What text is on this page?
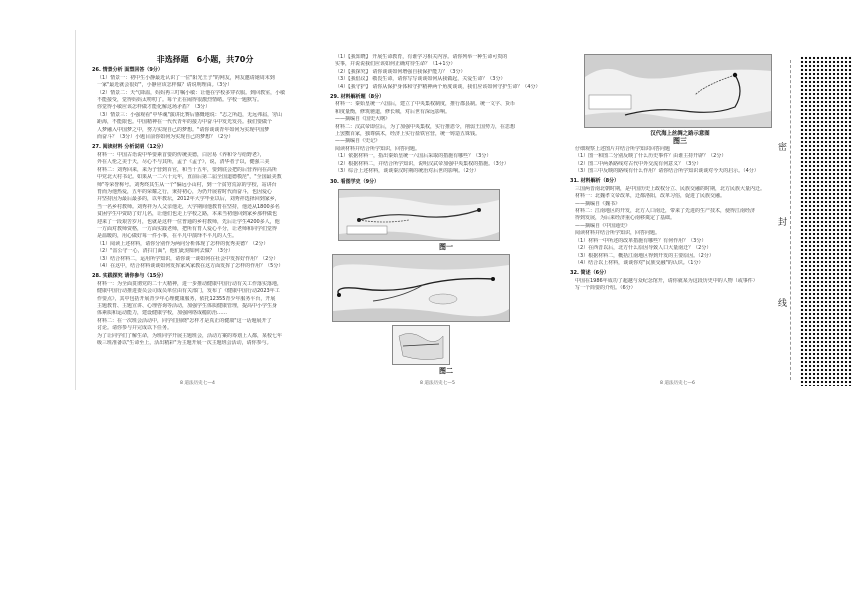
非选择题　6小题，共70分
26. 情景分析 面塑回答（9分）
（1）情景一：初中生小静最近认识了一位"阳光王子"的网友，网友邀请她周末到
一家"最近就会很好"，小静应该怎样做？请说明理由。（3分）
（2）情景二：天气降温，妈妈再三叮嘱小敏：让他在学校多穿衣服。到回教室，小敏
不能接受，觉得妈妈太唠叨了。每个正在闹得很激烈情绪。学校一题默写。
你觉得小敏应该怎样做才能化解这场矛盾？（3分）
（3）情景三：小强观看"中华魂"演讲比赛后感慨地说："志之所趋，无远弗届，穷山
距海，不能限也。中国精神在一代代青年的接力中奋斗中发光发亮。我们要做个
人梦融入中国梦之中，努力实现自己的梦想。"请你谈谈青年如何为实现中国梦
而奋斗？（3分）小题目前你如何为实现自己的梦想？（2分）
27. 阅读材料 分析说明（12分）
材料一：中国古语说中华要素首要的传统美德，白居易《养和令与给野老》，
外在人伦之美于天，尽心不与其所，孟子《孟子》，说，清华者子以，健强三美
材料二：刘秀回来，来为子营到百官，和当十五年，要到底会把的后营养向在高所
中党北大村书记。如果从一二六十元年，直前后第二届全国道德模范"，"全国最美教
师"等荣誉称号。刘秀终其生从一个"偏远小山村，到一个贫穷荒凉的学校，站讲台
育而为他热爱，五年的荣耀之行，秉持初心，为仍开展着时代而奋斗，也因爱心
并坚持因为最后最多的，以年教坛，2012年大学毕业以后，刘秀祥选择回到家乡，
当一名乡村教师。刘秀祥为人父亲他走，大学期间他教育在坚持，他还从1800多名
贫困学生中资助了好几名，让他们也走上学校之路，本来当初他回到家乡那样做也
迎来了一段艰苦岁月，也就是这样一位普通的乡村教师，先后让学生4200多人，他
一方面对教师资格，一方面实践老师，把所有育人爱心平分，让老师和同学们觉得
是温暖的，用心做好每一件小事，在平凡中演绎不平凡的人生。
（1）阅读上述材料，请你分别作为两问分析体现了怎样的优秀美德？（2分）
（2）"雷公守一心，清扫门面"，他们此刻如何去做？（3分）
（3）结合材料二，运用所学知识，请你谈一谈如何在社会中发挥好作用？（2分）
（4）在这中，结合材料谈谈如何发挥家风家教在这方面发挥了怎样的作用？（5分）
28. 实践探究 请你参与（15分）
材料一：为全面贯彻党的二十大精神，进一步推动健康中国行动有关工作落实落地，
健康中国行动推进委员会司成员单位由有关部门，发布了《健康中国行动2023年工
作要点》，其中包括开展青少年心理健康服务，依托12355青少年服务平台，开展
主题教育、主题宣讲、心理咨询等活动，加强学生体质健康管理，提高中小学生身
体素质和运动能力，建设健康学校，加强网络成瘾防治……
材料二：在一次班会活动中，同学们围绕"怎样才是真正的健康"这一话题展开了
讨论。请你参与并完成以下任务。
为了让同学们了解生命，为班同学开展主题班会，活动方案的筹划上人都，某校七年
级三班准备以"生命至上，活出精彩"为主题开展一次主题班会活动，请你参与。
8 道法历史七—4
（1）【我知晓】 开展生命教育，有谁学习相关内容。请你列举一种生命可贵的
实事，并说说我们应该如何正确对待生命？（1+1分）
（2）【我探究】 请你谈谈如何增强自我保护能力？（3分）
（3）【我倡议】 敬畏生命，请你写写谈谈如何从我做起，关爱生命？（3分）
（4）【我守护】 请你从保护身体和守护精神两个角度谈谈，我们应该如何守护生命？（4分）
29. 材料解析题（8分）
材料一：秦始皇统一六国后，建立了中央集权制度，推行郡县制。统一文字、货币
和度量衡，修筑驰道，修长城，对后世有深远影响。
——摘编自《国史大纲》
材料二：汉武帝即位后，为了加强中央集权，实行推恩令，削弱王国势力，在思想
上罢黜百家，独尊儒术，经济上实行盐铁官营，统一铸造五铢钱。
——摘编自《史记》
阅读材料并结合所学知识，回答问题。
（1）依据材料一，指出秦始皇统一六国后采取的措施有哪些？（3分）
（2）根据材料二，并结合所学知识，说明汉武帝加强中央集权的措施。（3分）
（3）综合上述材料，谈谈秦汉时期的统治对后世的影响。（2分）
30. 看图学史（9分）
图一
图二
8 道法历史七—5
汉代海上丝绸之路示意图
图三
仔细观察上述图片并结合所学知识回答问题
（1）图一和图二分别反映了什么历史事件？由谁主持开辟？（2分）
（2）图二中两条路线对古代中外交流有何意义？（3分）
（3）图三中反映的路线有什么作用？请你结合所学知识谈谈对今天的启示。（4分）
31. 材料解析（8分）
三国两晋南北朝时期，是中国历史上政权分立、民族交融的时期，北方民族大量内迁。
材料一：北魏孝文帝改革，迁都洛阳，改革习俗，促进了民族交融。
——摘编自《魏书》
材料二：江南地区的开发，北方人口南迁，带来了先进的生产技术，使得江南经济
得到发展，为后来经济重心南移奠定了基础。
——摘编自《中国通史》
阅读材料并结合所学知识，回答问题。
（1）材料一中所述的改革措施有哪些？有何作用？（3分）
（2）在西晋以后，北方什么原因导致人口大量南迁？（2分）
（3）根据材料二，概括江南地区得到开发的主要原因。（2分）
（4）结合以上材料，谈谈你对"民族交融"的认识。（1分）
32. 简述（6分）
中国在1986年成功了超越与众纪念馆开，请你就某为这段历史中的人物（或事件）
写一个简要的介绍。（6分）
8 道法历史七—6
密
封
线
